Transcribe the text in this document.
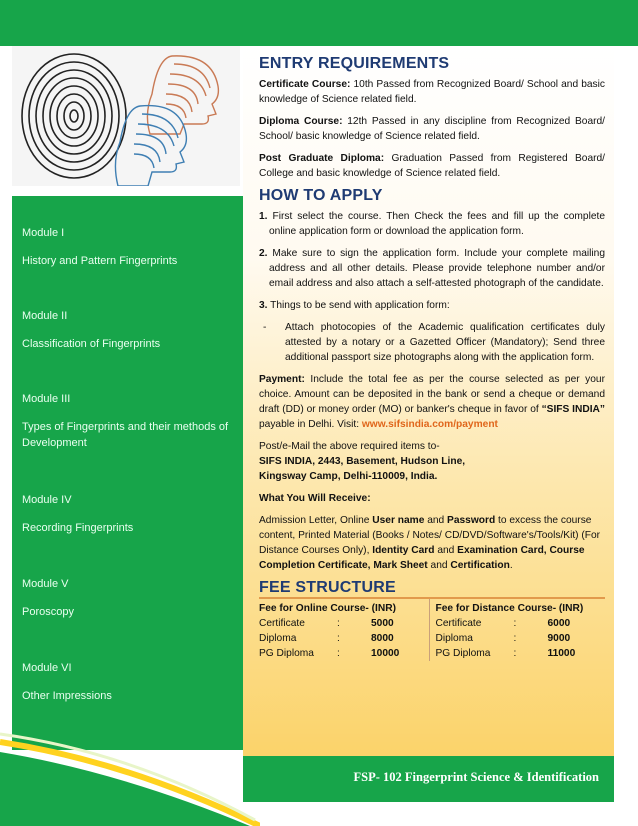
Module I
History and Pattern Fingerprints
Module II
Classification of Fingerprints
Module III
Types of Fingerprints and their methods of Development
Module IV
Recording Fingerprints
Module V
Poroscopy
Module VI
Other Impressions
ENTRY REQUIREMENTS

Certificate Course: 10th Passed from Recognized Board/ School and basic knowledge of Science related field.

Diploma Course: 12th Passed in any discipline from Recognized Board/ School/ basic knowledge of Science related field.

Post Graduate Diploma: Graduation Passed from Registered Board/ College and basic knowledge of Science related field.

HOW TO APPLY

1. First select the course. Then Check the fees and fill up the complete online application form or download the application form.

2. Make sure to sign the application form. Include your complete mailing address and all other details. Please provide telephone number and/or email address and also attach a self-attested photograph of the candidate.

3. Things to be send with application form:

-	Attach photocopies of the Academic qualification certificates duly attested by a notary or a Gazetted Officer (Mandatory); Send three additional passport size photographs along with the application form.

Payment: Include the total fee as per the course selected as per your choice. Amount can be deposited in the bank or send a cheque or demand draft (DD) or money order (MO) or banker's cheque in favor of “SIFS INDIA” payable in Delhi. Visit: www.sifsindia.com/payment

Post/e-Mail the above required items to-
SIFS INDIA, 2443, Basement, Hudson Line,
Kingsway Camp, Delhi-110009, India.

What You Will Receive:

Admission Letter, Online User name and Password to excess the course content, Printed Material (Books / Notes/ CD/DVD/Software's/Tools/Kit) (For Distance Courses Only), Identity Card and Examination Card, Course Completion Certificate, Mark Sheet and Certification.

FEE STRUCTURE
Fee for Online Course- (INR)
Certificate	:	5000
Diploma	:	8000
PG Diploma	:	10000
Fee for Distance Course- (INR)
Certificate	:	6000
Diploma	:	9000
PG Diploma	:	11000
FSP- 102 Fingerprint Science & Identification
